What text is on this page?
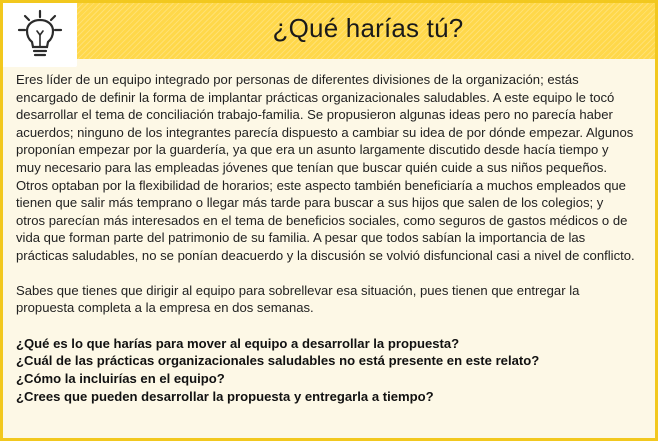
¿Qué harías tú?

Eres líder de un equipo integrado por personas de diferentes divisiones de la organización; estás encargado de definir la forma de implantar prácticas organizacionales saludables. A este equipo le tocó desarrollar el tema de conciliación trabajo-familia. Se propusieron algunas ideas pero no parecía haber acuerdos; ninguno de los integrantes parecía dispuesto a cambiar su idea de por dónde empezar. Algunos proponían empezar por la guardería, ya que era un asunto largamente discutido desde hacía tiempo y muy necesario para las empleadas jóvenes que tenían que buscar quién cuide a sus niños pequeños. Otros optaban por la flexibilidad de horarios; este aspecto también beneficiaría a muchos empleados que tienen que salir más temprano o llegar más tarde para buscar a sus hijos que salen de los colegios; y otros parecían más interesados en el tema de beneficios sociales, como seguros de gastos médicos o de vida que forman parte del patrimonio de su familia. A pesar que todos sabían la importancia de las prácticas saludables, no se ponían deacuerdo y la discusión se volvió disfuncional casi a nivel de conflicto.

Sabes que tienes que dirigir al equipo para sobrellevar esa situación, pues tienen que entregar la propuesta completa a la empresa en dos semanas.

¿Qué es lo que harías para mover al equipo a desarrollar la propuesta?
¿Cuál de las prácticas organizacionales saludables no está presente en este relato?
¿Cómo la incluirías en el equipo?
¿Crees que pueden desarrollar la propuesta y entregarla a tiempo?
